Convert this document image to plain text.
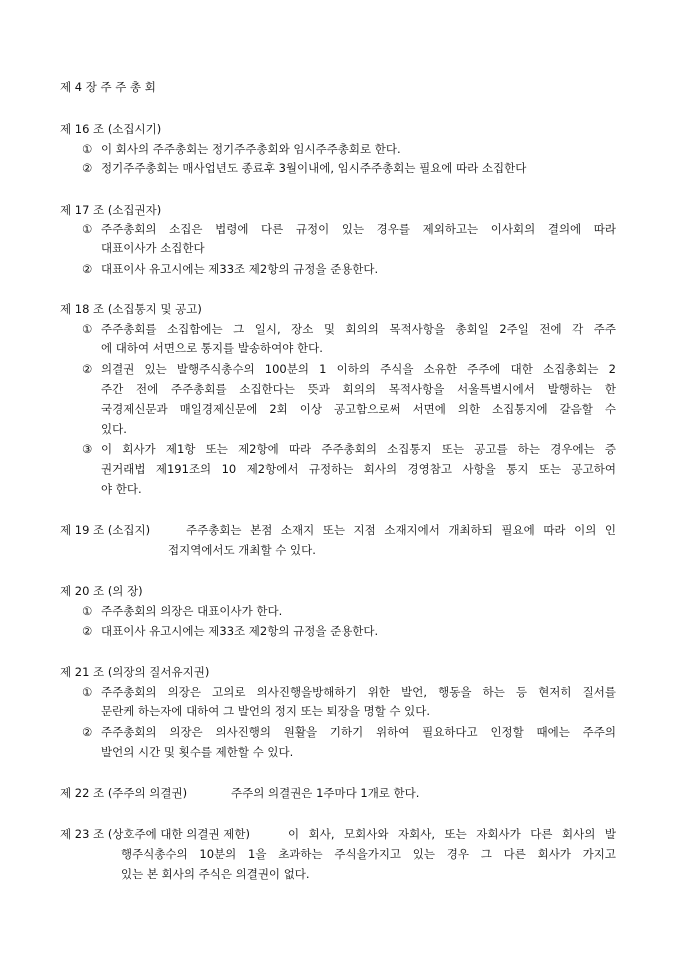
제 4 장 주 주 총 회
제 16 조 (소집시기)
① 이 회사의 주주총회는 정기주주총회와 임시주주총회로 한다.
② 정기주주총회는 매사업년도 종료후 3월이내에, 임시주주총회는 필요에 따라 소집한다
제 17 조 (소집권자)
① 주주총회의 소집은 법령에 다른 규정이 있는 경우를 제외하고는 이사회의 결의에 따라
대표이사가 소집한다
② 대표이사 유고시에는 제33조 제2항의 규정을 준용한다.
제 18 조 (소집통지 및 공고)
① 주주총회를 소집함에는 그 일시, 장소 및 회의의 목적사항을 총회일 2주일 전에 각 주주
에 대하여 서면으로 통지를 발송하여야 한다.
② 의결권 있는 발행주식총수의 100분의 1 이하의 주식을 소유한 주주에 대한 소집총회는 2
주간 전에 주주총회를 소집한다는 뜻과 회의의 목적사항을 서울특별시에서 발행하는 한
국경제신문과 매일경제신문에 2회 이상 공고함으로써 서면에 의한 소집통지에 갈음할 수
있다.
③ 이 회사가 제1항 또는 제2항에 따라 주주총회의 소집통지 또는 공고를 하는 경우에는 증
권거래법 제191조의 10 제2항에서 규정하는 회사의 경영참고 사항을 통지 또는 공고하여
야 한다.
제 19 조 (소집지)	주주총회는 본점 소재지 또는 지점 소재지에서 개최하되 필요에 따라 이의 인
접지역에서도 개최할 수 있다.
제 20 조 (의 장)
① 주주총회의 의장은 대표이사가 한다.
② 대표이사 유고시에는 제33조 제2항의 규정을 준용한다.
제 21 조 (의장의 질서유지권)
① 주주총회의 의장은 고의로 의사진행을방해하기 위한 발언, 행동을 하는 등 현저히 질서를
문란케 하는자에 대하여 그 발언의 정지 또는 퇴장을 명할 수 있다.
② 주주총회의 의장은 의사진행의 원활을 기하기 위하여 필요하다고 인정할 때에는 주주의
발언의 시간 및 횟수를 제한할 수 있다.
제 22 조 (주주의 의결권)	주주의 의결권은 1주마다 1개로 한다.
제 23 조 (상호주에 대한 의결권 제한)	이 회사, 모회사와 자회사, 또는 자회사가 다른 회사의 발
행주식총수의 10분의 1을 초과하는 주식을가지고 있는 경우 그 다른 회사가 가지고
있는 본 회사의 주식은 의결권이 없다.
